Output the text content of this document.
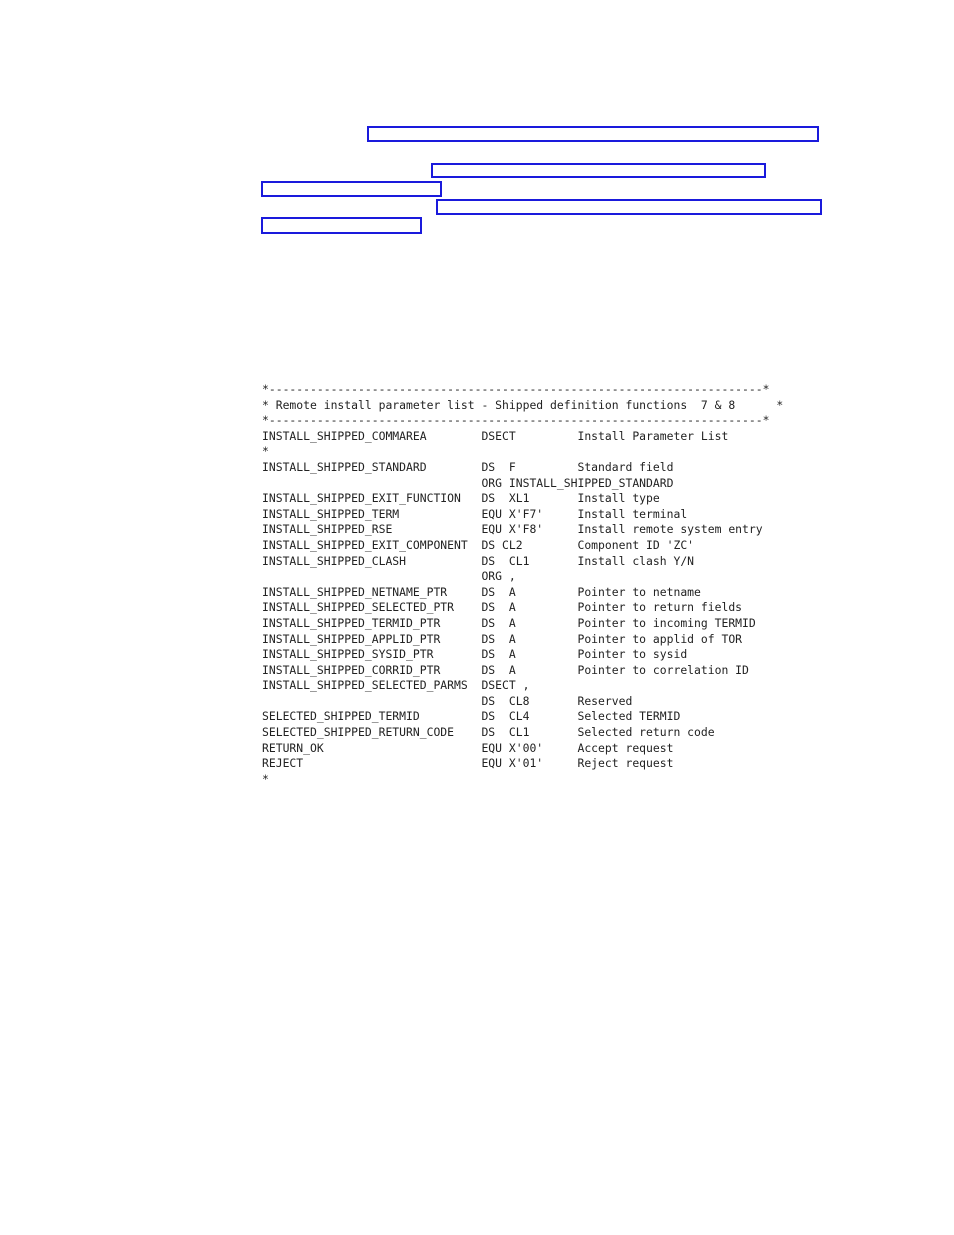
*------------------------------------------------------------------------*
* Remote install parameter list - Shipped definition functions  7 & 8      *
*------------------------------------------------------------------------*
INSTALL_SHIPPED_COMMAREA        DSECT         Install Parameter List
*
INSTALL_SHIPPED_STANDARD        DS  F         Standard field
ORG INSTALL_SHIPPED_STANDARD
INSTALL_SHIPPED_EXIT_FUNCTION   DS  XL1       Install type
INSTALL_SHIPPED_TERM            EQU X'F7'     Install terminal
INSTALL_SHIPPED_RSE             EQU X'F8'     Install remote system entry
INSTALL_SHIPPED_EXIT_COMPONENT  DS CL2        Component ID 'ZC'
INSTALL_SHIPPED_CLASH           DS  CL1       Install clash Y/N
ORG ,
INSTALL_SHIPPED_NETNAME_PTR     DS  A         Pointer to netname
INSTALL_SHIPPED_SELECTED_PTR    DS  A         Pointer to return fields
INSTALL_SHIPPED_TERMID_PTR      DS  A         Pointer to incoming TERMID
INSTALL_SHIPPED_APPLID_PTR      DS  A         Pointer to applid of TOR
INSTALL_SHIPPED_SYSID_PTR       DS  A         Pointer to sysid
INSTALL_SHIPPED_CORRID_PTR      DS  A         Pointer to correlation ID
INSTALL_SHIPPED_SELECTED_PARMS  DSECT ,
DS  CL8       Reserved
SELECTED_SHIPPED_TERMID         DS  CL4       Selected TERMID
SELECTED_SHIPPED_RETURN_CODE    DS  CL1       Selected return code
RETURN_OK                       EQU X'00'     Accept request
REJECT                          EQU X'01'     Reject request
*
